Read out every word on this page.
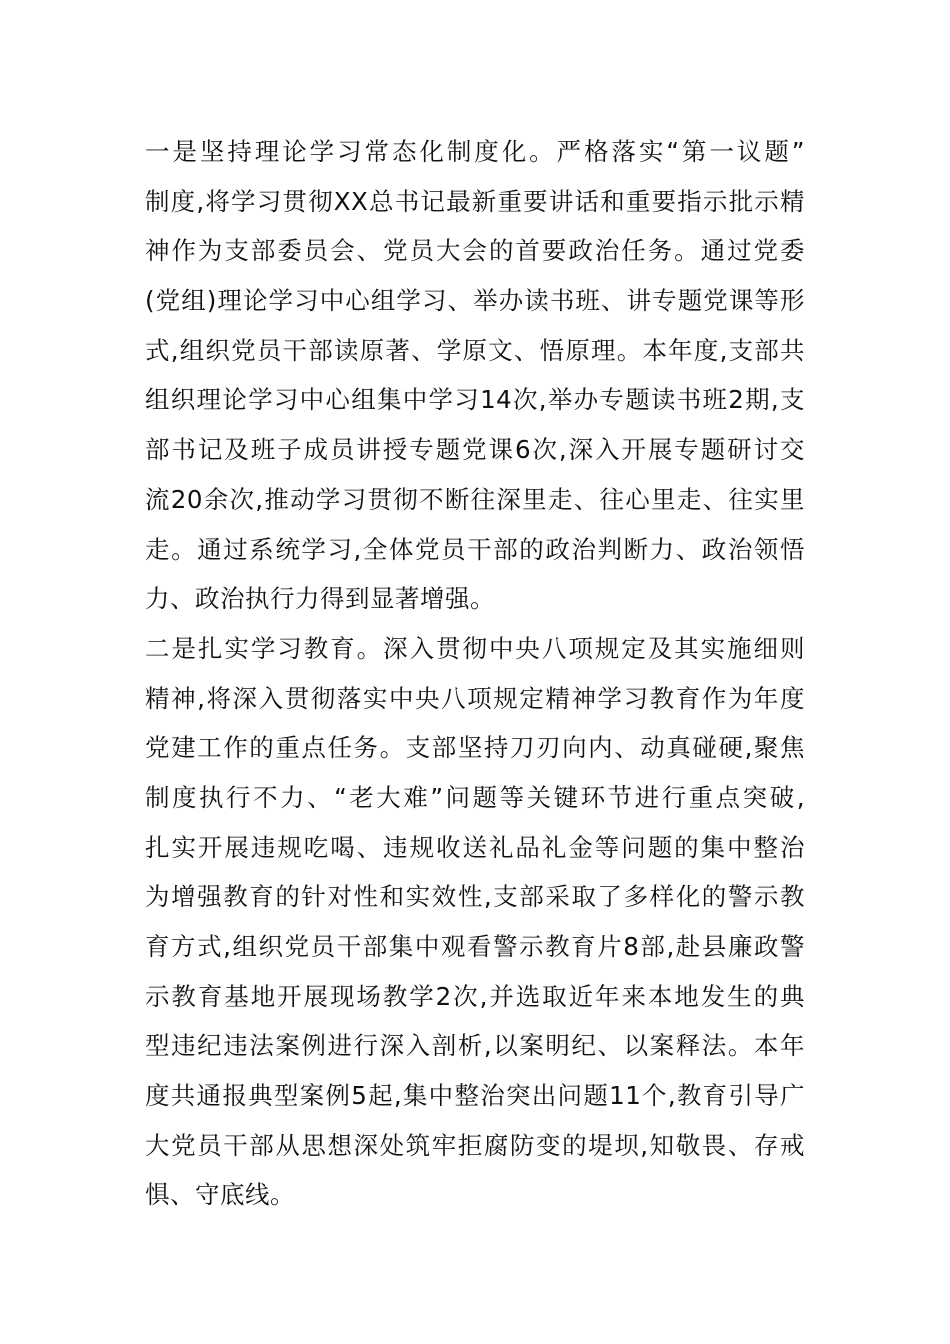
一是坚持理论学习常态化制度化。严格落实“第一议题”
制度,将学习贯彻XX总书记最新重要讲话和重要指示批示精
神作为支部委员会、党员大会的首要政治任务。通过党委
(党组)理论学习中心组学习、举办读书班、讲专题党课等形
式,组织党员干部读原著、学原文、悟原理。本年度,支部共
组织理论学习中心组集中学习14次,举办专题读书班2期,支
部书记及班子成员讲授专题党课6次,深入开展专题研讨交
流20余次,推动学习贯彻不断往深里走、往心里走、往实里
走。通过系统学习,全体党员干部的政治判断力、政治领悟
力、政治执行力得到显著增强。
二是扎实学习教育。深入贯彻中央八项规定及其实施细则
精神,将深入贯彻落实中央八项规定精神学习教育作为年度
党建工作的重点任务。支部坚持刀刃向内、动真碰硬,聚焦
制度执行不力、“老大难”问题等关键环节进行重点突破,
扎实开展违规吃喝、违规收送礼品礼金等问题的集中整治
为增强教育的针对性和实效性,支部采取了多样化的警示教
育方式,组织党员干部集中观看警示教育片8部,赴县廉政警
示教育基地开展现场教学2次,并选取近年来本地发生的典
型违纪违法案例进行深入剖析,以案明纪、以案释法。本年
度共通报典型案例5起,集中整治突出问题11个,教育引导广
大党员干部从思想深处筑牢拒腐防变的堤坝,知敬畏、存戒
惧、守底线。
